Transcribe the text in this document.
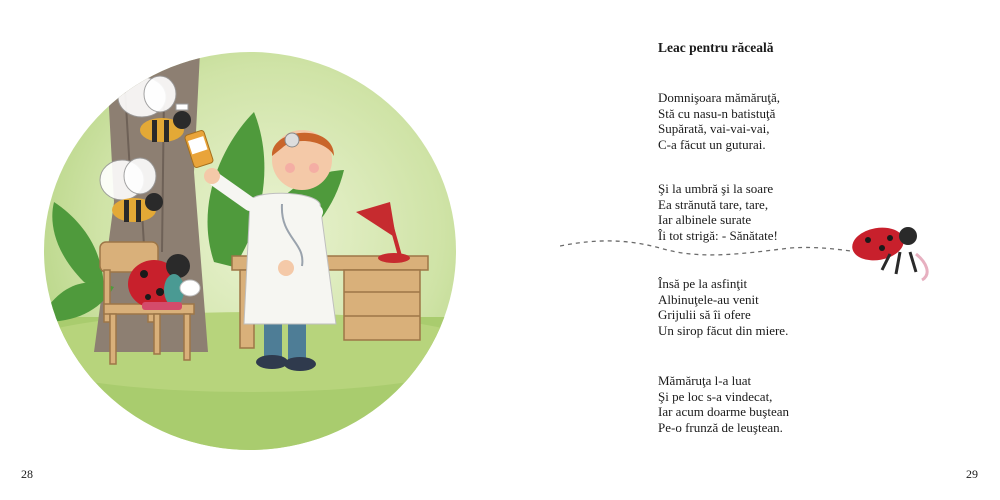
28
Leac pentru răceală

Domnişoara mămăruţă,
Stă cu nasu-n batistuţă
Supărată, vai-vai-vai,
C-a făcut un guturai.

Şi la umbră şi la soare
Ea strănută tare, tare,
Iar albinele surate
Îi tot strigă: - Sănătate!

Însă pe la asfinţit
Albinuţele-au venit
Grijulii să îi ofere
Un sirop făcut din miere.

Mămăruţa l-a luat
Şi pe loc s-a vindecat,
Iar acum doarme buştean
Pe-o frunză de leuştean.

29
